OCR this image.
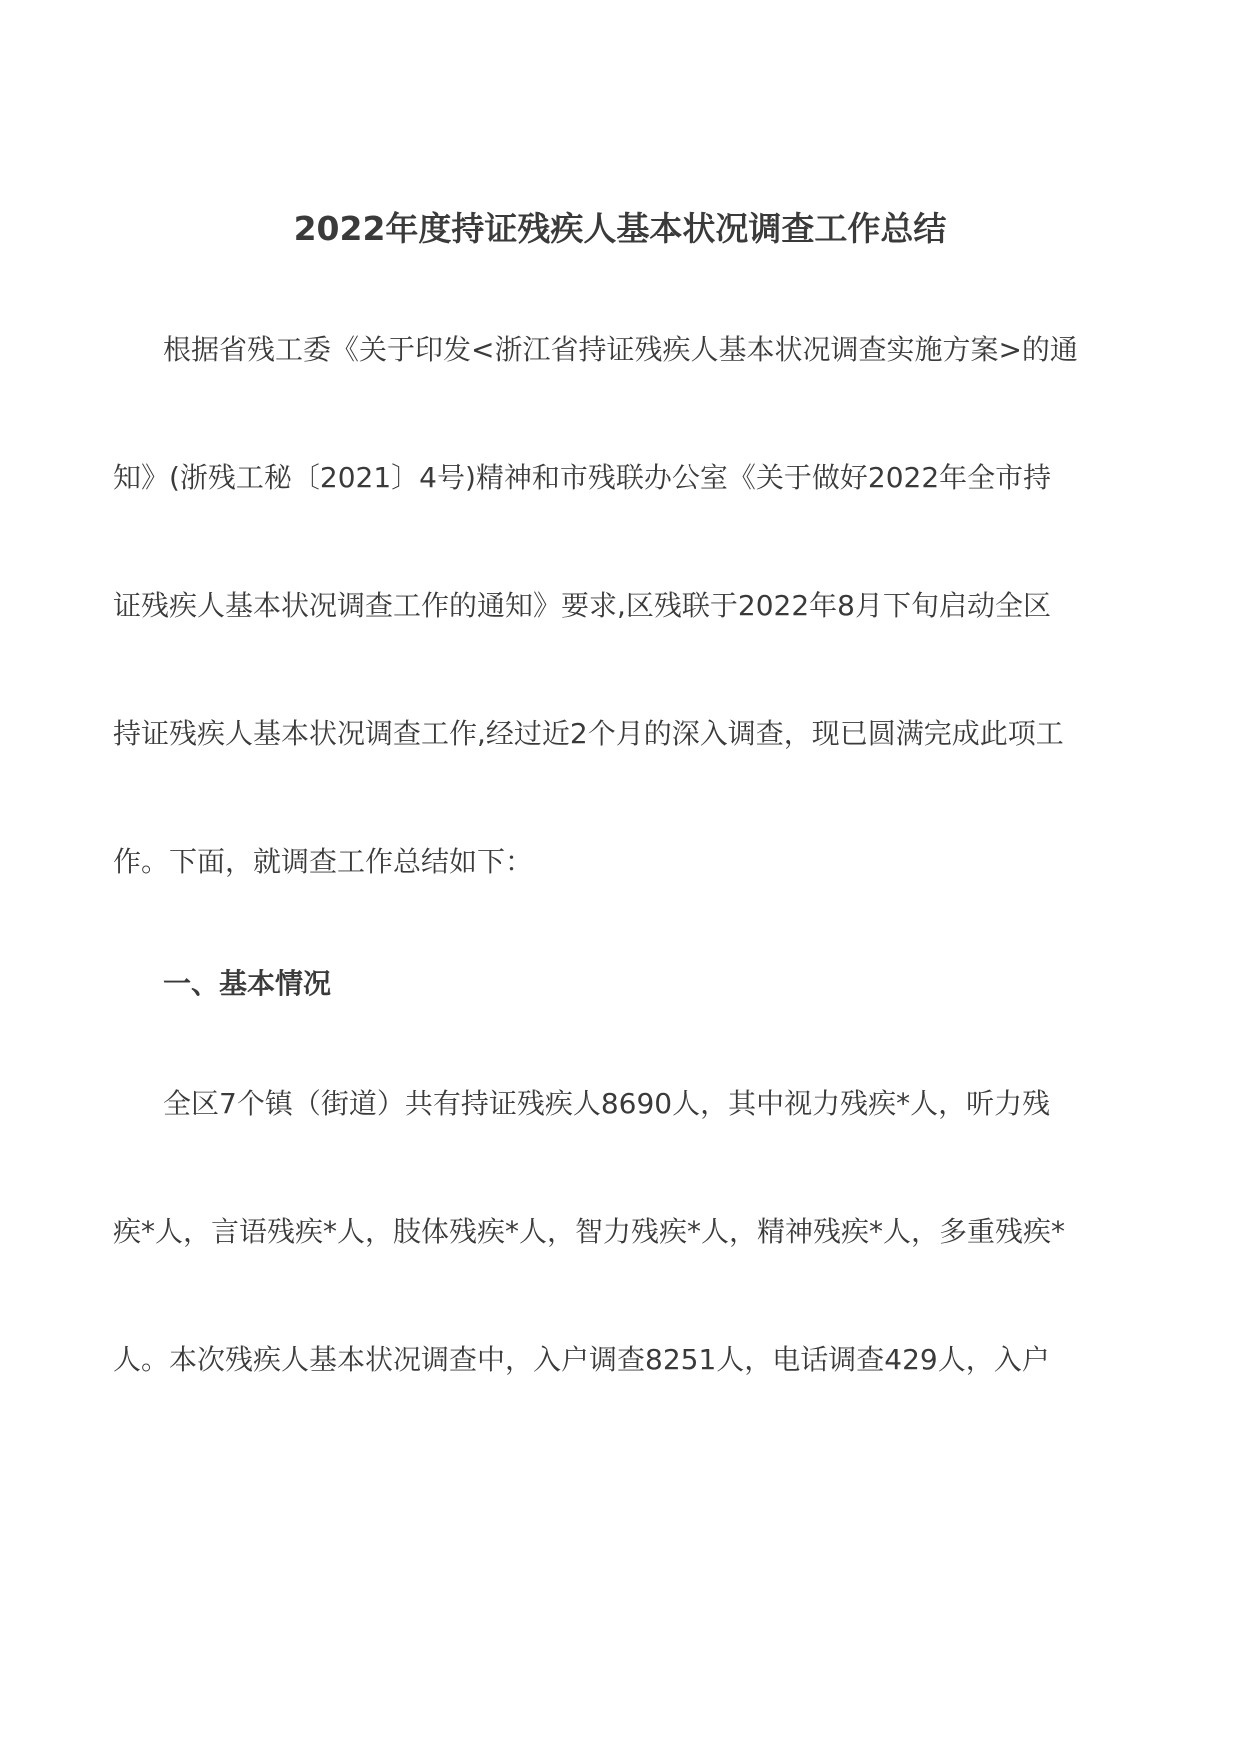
2022年度持证残疾人基本状况调查工作总结

根据省残工委《关于印发<浙江省持证残疾人基本状况调查实施方案>的通

知》(浙残工秘〔2021〕4号)精神和市残联办公室《关于做好2022年全市持

证残疾人基本状况调查工作的通知》要求,区残联于2022年8月下旬启动全区

持证残疾人基本状况调查工作,经过近2个月的深入调查，现已圆满完成此项工

作。下面，就调查工作总结如下：

一、基本情况

全区7个镇（街道）共有持证残疾人8690人，其中视力残疾*人，听力残

疾*人，言语残疾*人，肢体残疾*人，智力残疾*人，精神残疾*人，多重残疾*

人。本次残疾人基本状况调查中，入户调查8251人，电话调查429人，入户
